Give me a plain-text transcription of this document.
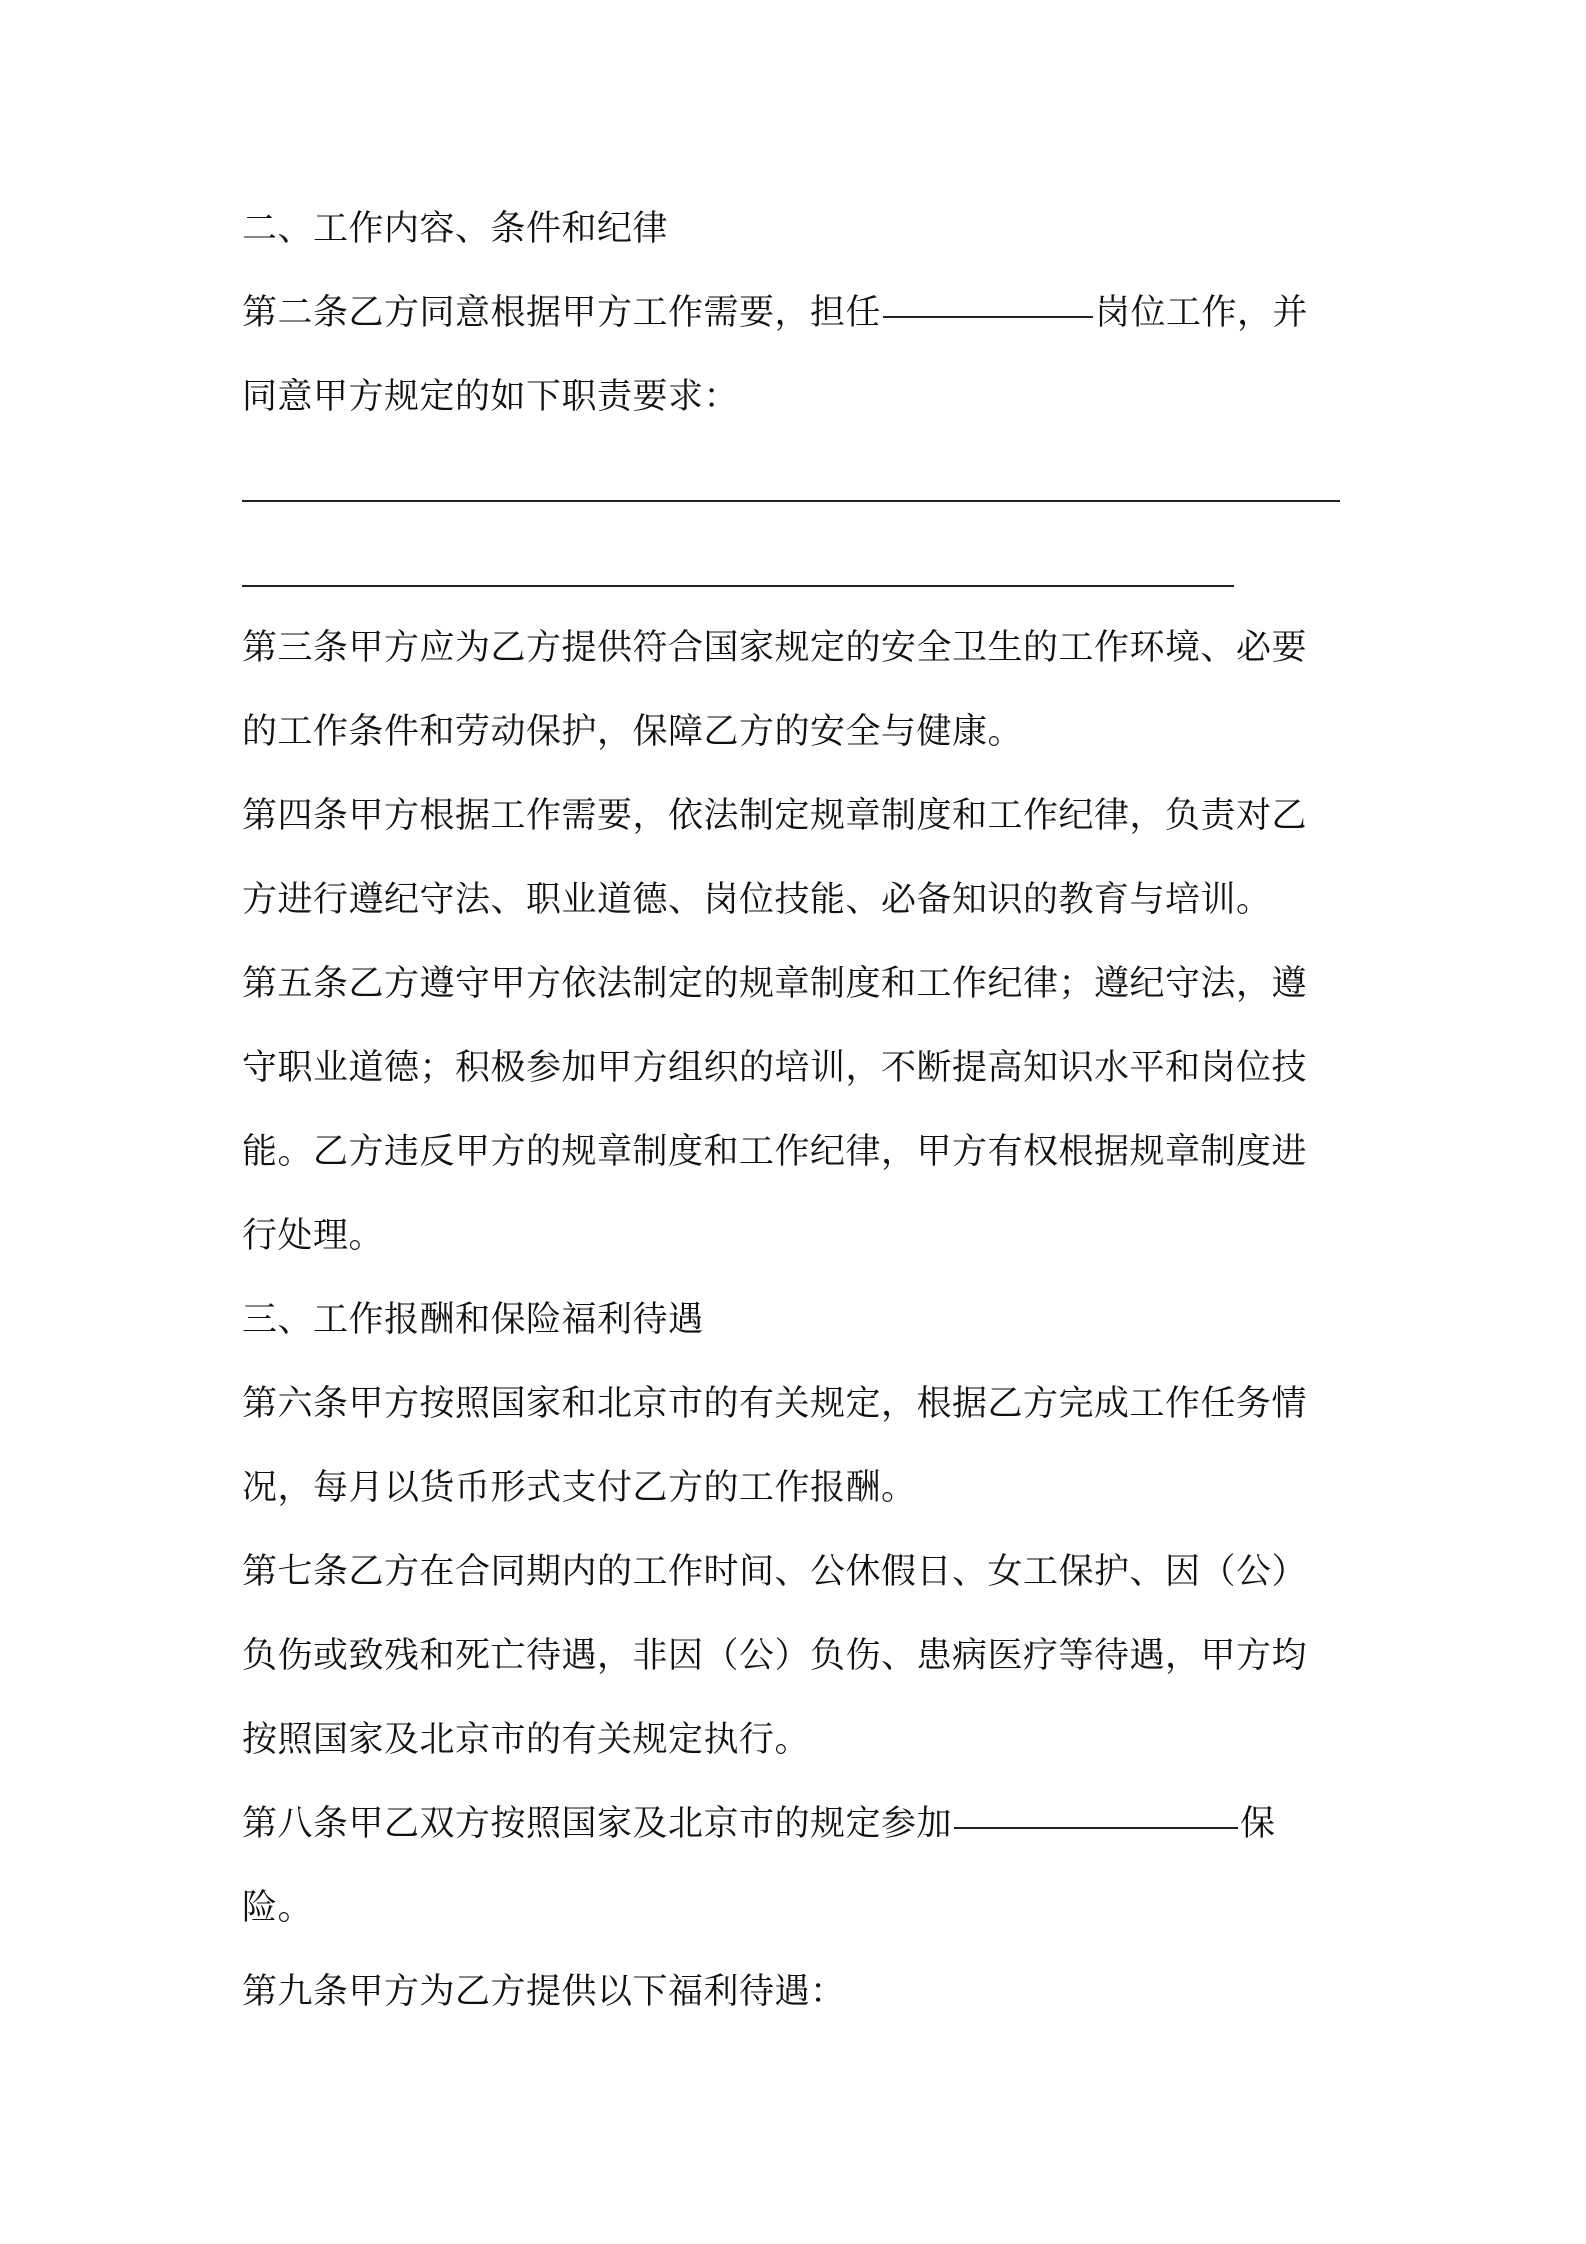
二、工作内容、条件和纪律
第二条乙方同意根据甲方工作需要，担任	岗位工作，并
同意甲方规定的如下职责要求：
第三条甲方应为乙方提供符合国家规定的安全卫生的工作环境、必要
的工作条件和劳动保护，保障乙方的安全与健康。
第四条甲方根据工作需要，依法制定规章制度和工作纪律，负责对乙
方进行遵纪守法、职业道德、岗位技能、必备知识的教育与培训。
第五条乙方遵守甲方依法制定的规章制度和工作纪律；遵纪守法，遵
守职业道德；积极参加甲方组织的培训，不断提高知识水平和岗位技
能。乙方违反甲方的规章制度和工作纪律，甲方有权根据规章制度进
行处理。
三、工作报酬和保险福利待遇
第六条甲方按照国家和北京市的有关规定，根据乙方完成工作任务情
况，每月以货币形式支付乙方的工作报酬。
第七条乙方在合同期内的工作时间、公休假日、女工保护、因（公）
负伤或致残和死亡待遇，非因（公）负伤、患病医疗等待遇，甲方均
按照国家及北京市的有关规定执行。
第八条甲乙双方按照国家及北京市的规定参加	保
险。
第九条甲方为乙方提供以下福利待遇：
